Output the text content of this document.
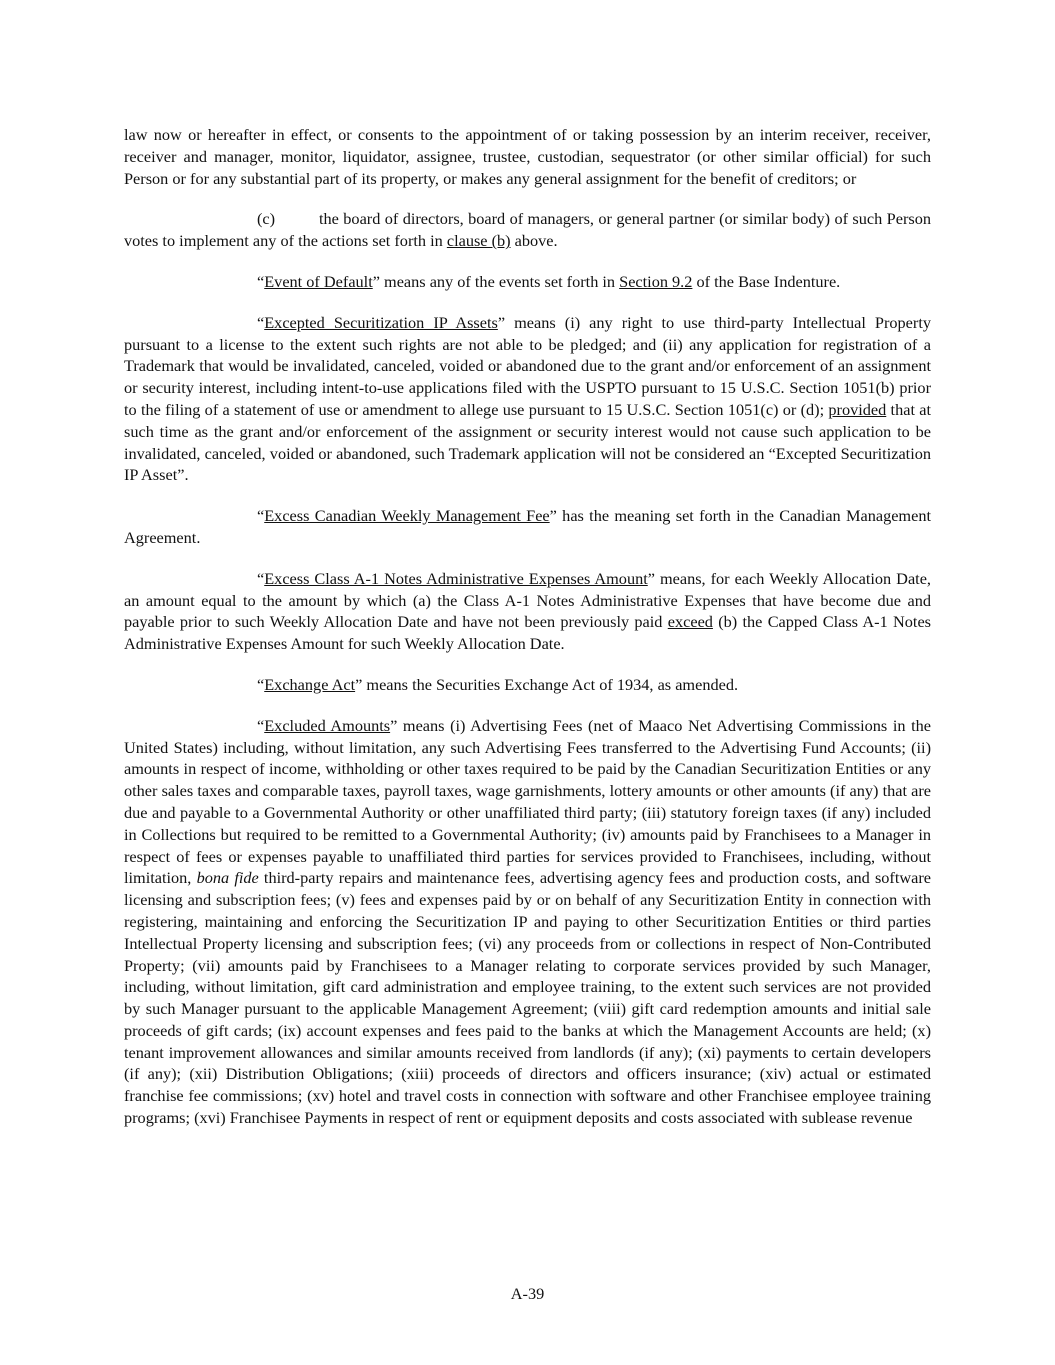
law now or hereafter in effect, or consents to the appointment of or taking possession by an interim receiver, receiver, receiver and manager, monitor, liquidator, assignee, trustee, custodian, sequestrator (or other similar official) for such Person or for any substantial part of its property, or makes any general assignment for the benefit of creditors; or

(c)	the board of directors, board of managers, or general partner (or similar body) of such Person votes to implement any of the actions set forth in clause (b) above.

“Event of Default” means any of the events set forth in Section 9.2 of the Base Indenture.

“Excepted Securitization IP Assets” means (i) any right to use third-party Intellectual Property pursuant to a license to the extent such rights are not able to be pledged; and (ii) any application for registration of a Trademark that would be invalidated, canceled, voided or abandoned due to the grant and/or enforcement of an assignment or security interest, including intent-to-use applications filed with the USPTO pursuant to 15 U.S.C. Section 1051(b) prior to the filing of a statement of use or amendment to allege use pursuant to 15 U.S.C. Section 1051(c) or (d); provided that at such time as the grant and/or enforcement of the assignment or security interest would not cause such application to be invalidated, canceled, voided or abandoned, such Trademark application will not be considered an “Excepted Securitization IP Asset”.

“Excess Canadian Weekly Management Fee” has the meaning set forth in the Canadian Management Agreement.

“Excess Class A-1 Notes Administrative Expenses Amount” means, for each Weekly Allocation Date, an amount equal to the amount by which (a) the Class A-1 Notes Administrative Expenses that have become due and payable prior to such Weekly Allocation Date and have not been previously paid exceed (b) the Capped Class A-1 Notes Administrative Expenses Amount for such Weekly Allocation Date.

“Exchange Act” means the Securities Exchange Act of 1934, as amended.

“Excluded Amounts” means (i) Advertising Fees (net of Maaco Net Advertising Commissions in the United States) including, without limitation, any such Advertising Fees transferred to the Advertising Fund Accounts; (ii) amounts in respect of income, withholding or other taxes required to be paid by the Canadian Securitization Entities or any other sales taxes and comparable taxes, payroll taxes, wage garnishments, lottery amounts or other amounts (if any) that are due and payable to a Governmental Authority or other unaffiliated third party; (iii) statutory foreign taxes (if any) included in Collections but required to be remitted to a Governmental Authority; (iv) amounts paid by Franchisees to a Manager in respect of fees or expenses payable to unaffiliated third parties for services provided to Franchisees, including, without limitation, bona fide third-party repairs and maintenance fees, advertising agency fees and production costs, and software licensing and subscription fees; (v) fees and expenses paid by or on behalf of any Securitization Entity in connection with registering, maintaining and enforcing the Securitization IP and paying to other Securitization Entities or third parties Intellectual Property licensing and subscription fees; (vi) any proceeds from or collections in respect of Non-Contributed Property; (vii) amounts paid by Franchisees to a Manager relating to corporate services provided by such Manager, including, without limitation, gift card administration and employee training, to the extent such services are not provided by such Manager pursuant to the applicable Management Agreement; (viii) gift card redemption amounts and initial sale proceeds of gift cards; (ix) account expenses and fees paid to the banks at which the Management Accounts are held; (x) tenant improvement allowances and similar amounts received from landlords (if any); (xi) payments to certain developers (if any); (xii) Distribution Obligations; (xiii) proceeds of directors and officers insurance; (xiv) actual or estimated franchise fee commissions; (xv) hotel and travel costs in connection with software and other Franchisee employee training programs; (xvi) Franchisee Payments in respect of rent or equipment deposits and costs associated with sublease revenue

A-39
